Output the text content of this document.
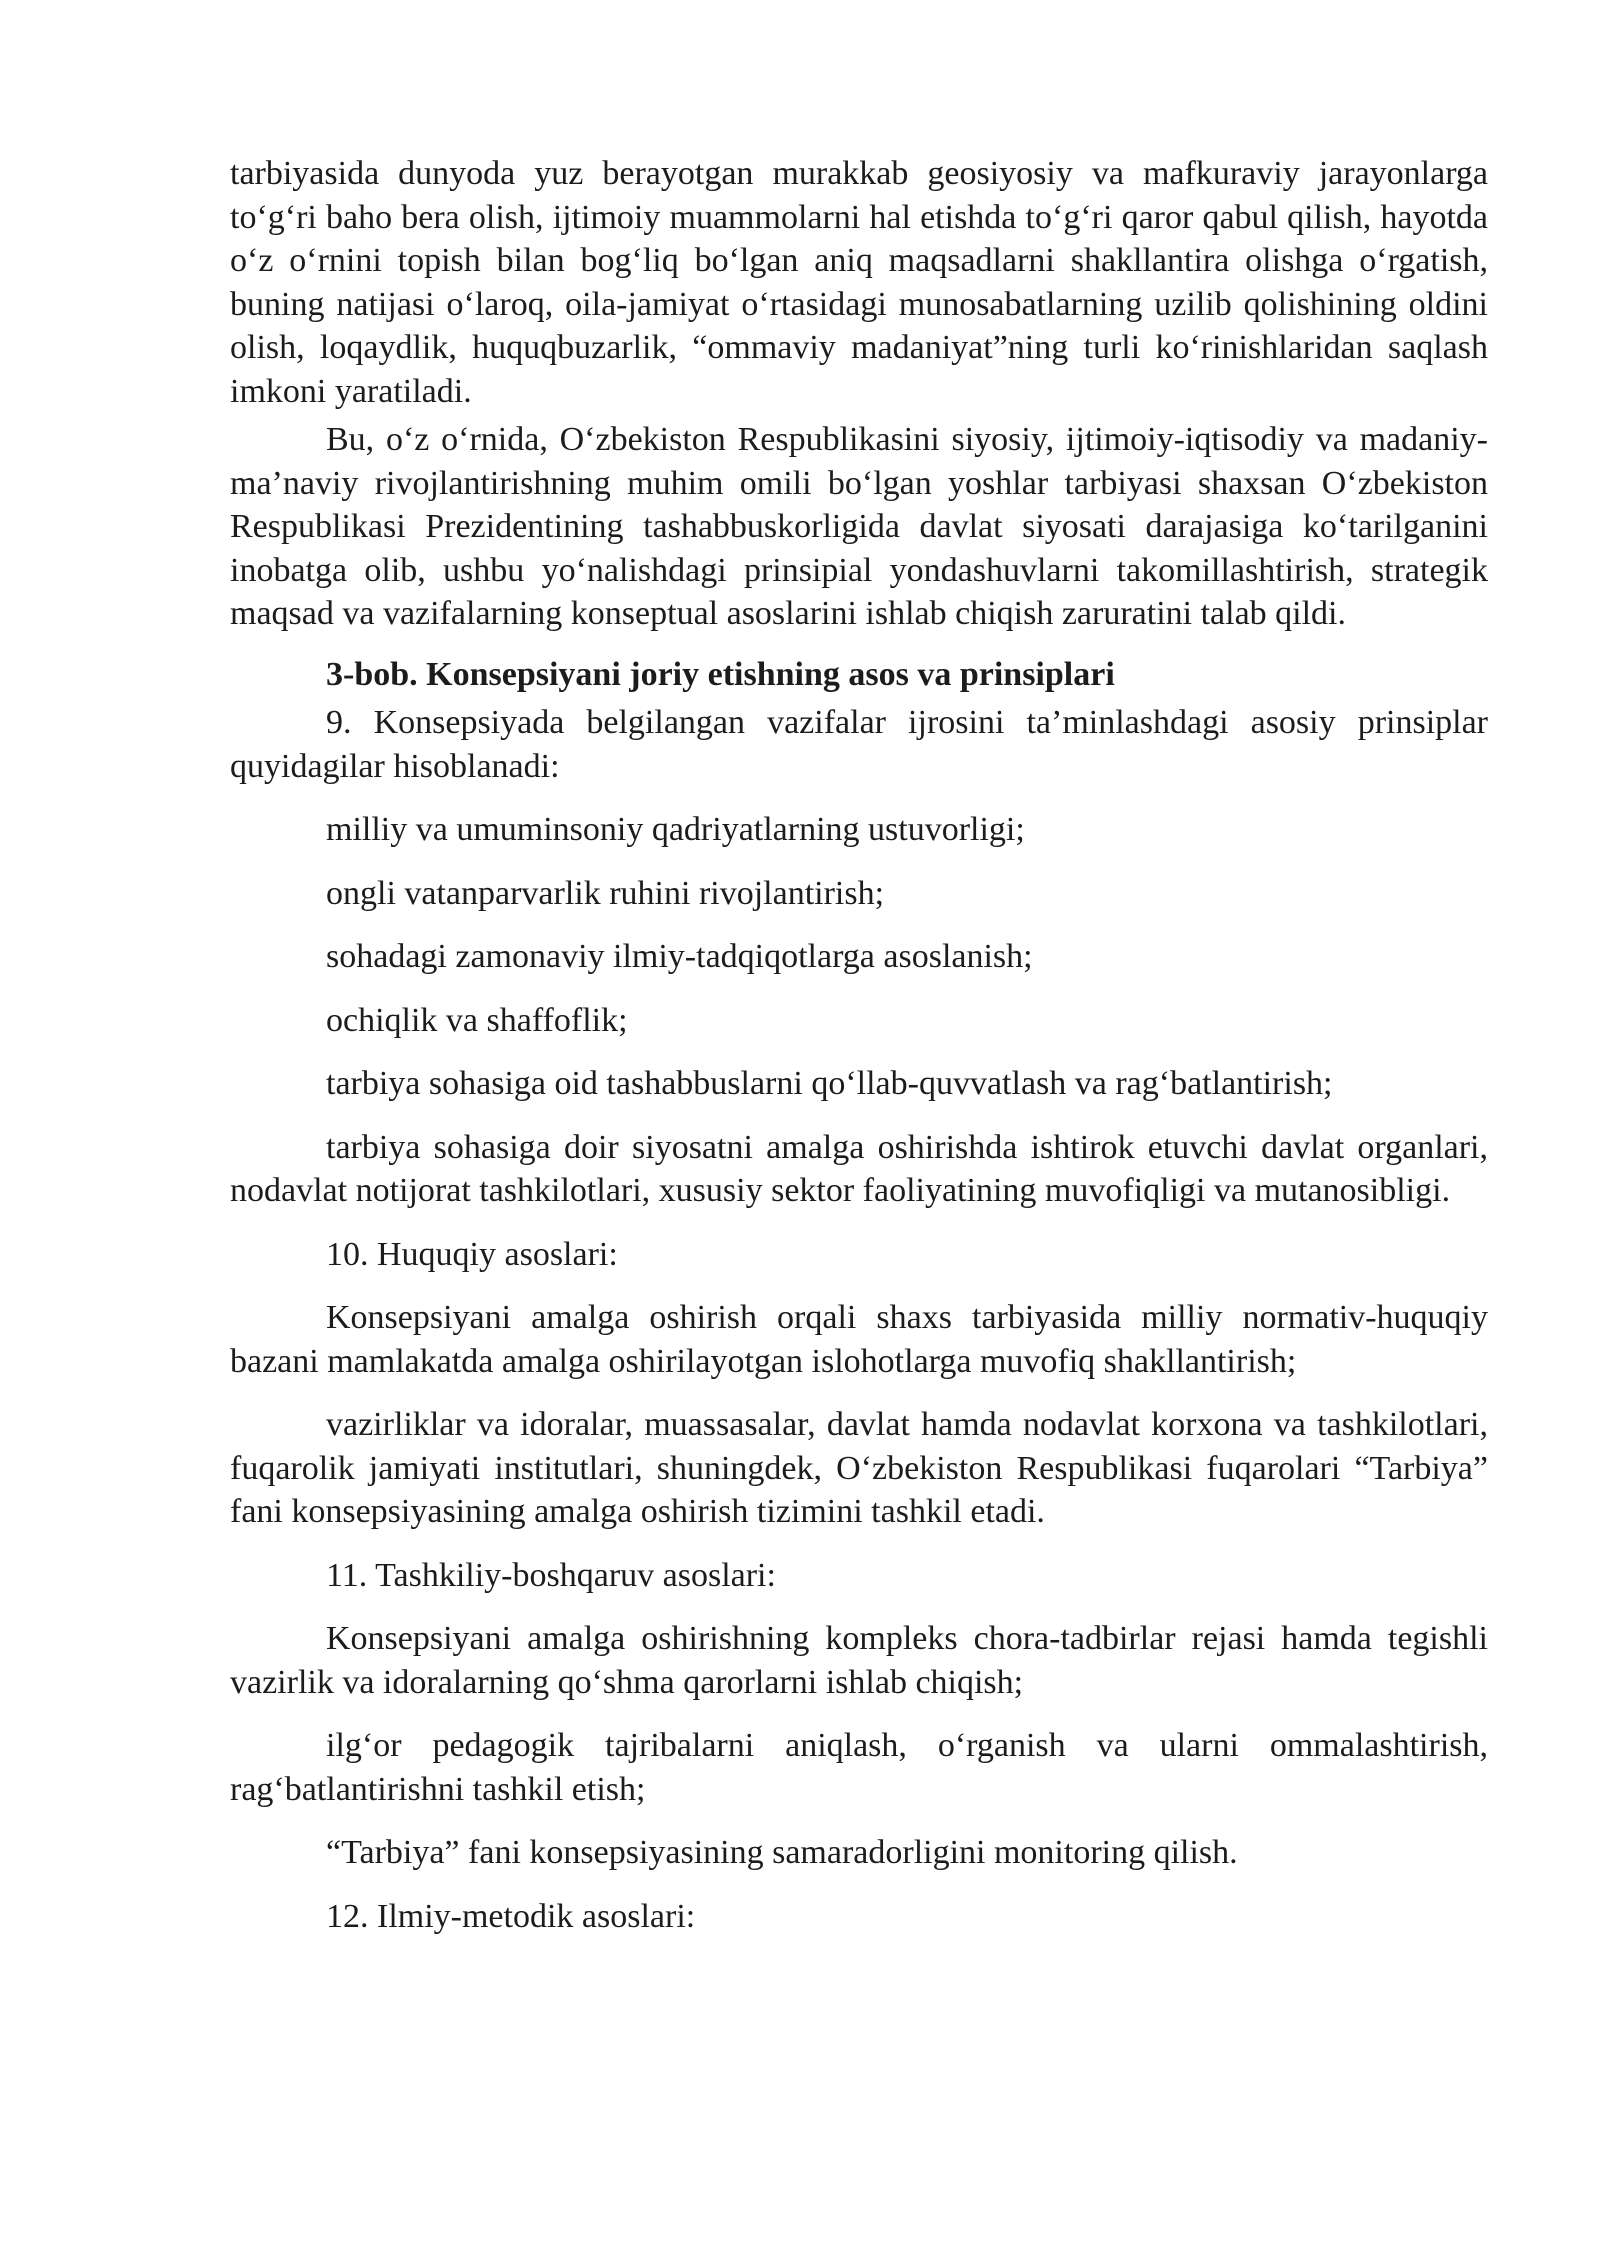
tarbiyasida dunyoda yuz berayotgan murakkab geosiyosiy va mafkuraviy jarayonlarga to‘g‘ri baho bera olish, ijtimoiy muammolarni hal etishda to‘g‘ri qaror qabul qilish, hayotda o‘z o‘rnini topish bilan bog‘liq bo‘lgan aniq maqsadlarni shakllantira olishga o‘rgatish, buning natijasi o‘laroq, oila-jamiyat o‘rtasidagi munosabatlarning uzilib qolishining oldini olish, loqaydlik, huquqbuzarlik, “ommaviy madaniyat”ning turli ko‘rinishlaridan saqlash imkoni yaratiladi.

Bu, o‘z o‘rnida, O‘zbekiston Respublikasini siyosiy, ijtimoiy-iqtisodiy va madaniy-ma’naviy rivojlantirishning muhim omili bo‘lgan yoshlar tarbiyasi shaxsan O‘zbekiston Respublikasi Prezidentining tashabbuskorligida davlat siyosati darajasiga ko‘tarilganini inobatga olib, ushbu yo‘nalishdagi prinsipial yondashuvlarni takomillashtirish, strategik maqsad va vazifalarning konseptual asoslarini ishlab chiqish zaruratini talab qildi.

3-bob. Konsepsiyani joriy etishning asos va prinsiplari

9. Konsepsiyada belgilangan vazifalar ijrosini ta’minlashdagi asosiy prinsiplar quyidagilar hisoblanadi:

milliy va umuminsoniy qadriyatlarning ustuvorligi;

ongli vatanparvarlik ruhini rivojlantirish;

sohadagi zamonaviy ilmiy-tadqiqotlarga asoslanish;

ochiqlik va shaffoflik;

tarbiya sohasiga oid tashabbuslarni qo‘llab-quvvatlash va rag‘batlantirish;

tarbiya sohasiga doir siyosatni amalga oshirishda ishtirok etuvchi davlat organlari, nodavlat notijorat tashkilotlari, xususiy sektor faoliyatining muvofiqligi va mutanosibligi.

10. Huquqiy asoslari:

Konsepsiyani amalga oshirish orqali shaxs tarbiyasida milliy normativ-huquqiy bazani mamlakatda amalga oshirilayotgan islohotlarga muvofiq shakllantirish;

vazirliklar va idoralar, muassasalar, davlat hamda nodavlat korxona va tashkilotlari, fuqarolik jamiyati institutlari, shuningdek, O‘zbekiston Respublikasi fuqarolari “Tarbiya” fani konsepsiyasining amalga oshirish tizimini tashkil etadi.

11. Tashkiliy-boshqaruv asoslari:

Konsepsiyani amalga oshirishning kompleks chora-tadbirlar rejasi hamda tegishli vazirlik va idoralarning qo‘shma qarorlarni ishlab chiqish;

ilg‘or pedagogik tajribalarni aniqlash, o‘rganish va ularni ommalashtirish, rag‘batlantirishni tashkil etish;

“Tarbiya” fani konsepsiyasining samaradorligini monitoring qilish.

12. Ilmiy-metodik asoslari:
